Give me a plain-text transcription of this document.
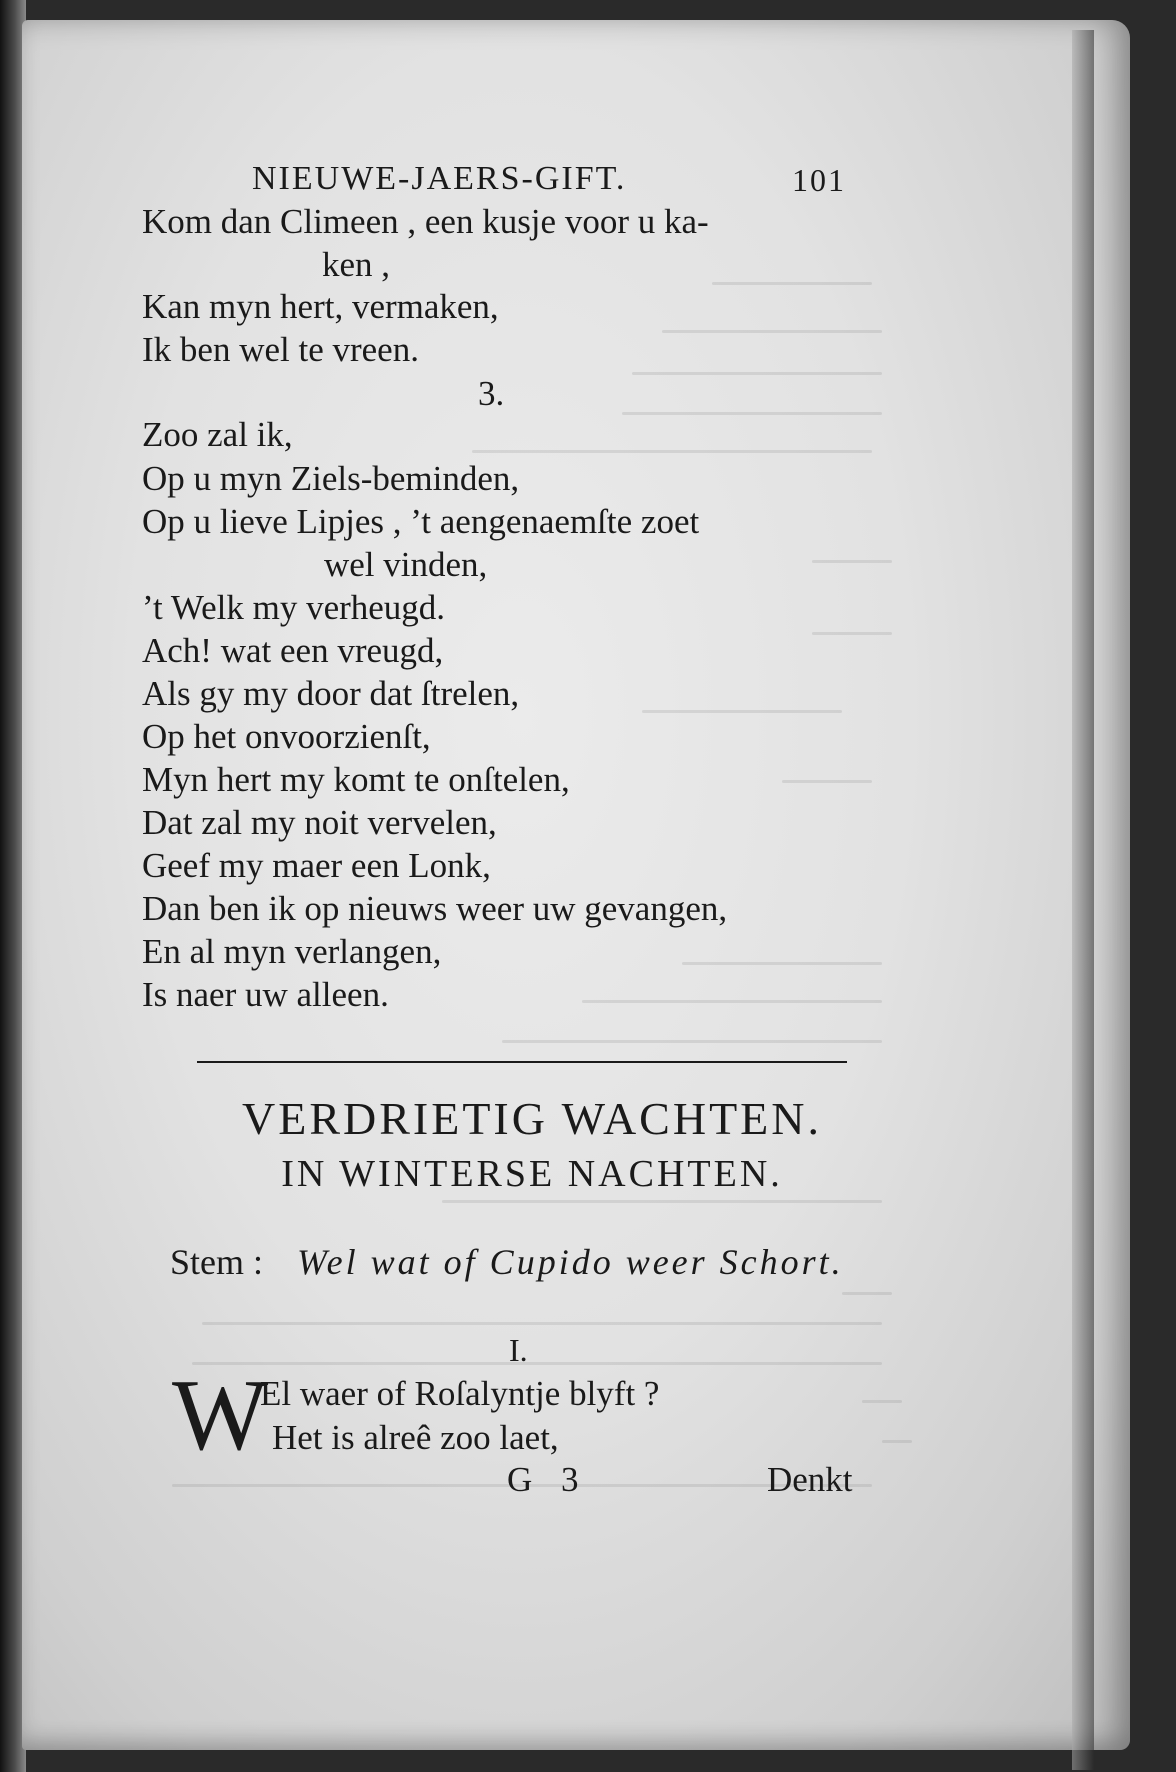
NIEUWE-JAERS-GIFT.	101

Kom dan Climeen , een kusje voor u ka-

ken ,

Kan myn hert, vermaken,

Ik ben wel te vreen.

3.

Zoo zal ik,

Op u myn Ziels-beminden,

Op u lieve Lipjes , ’t aengenaemſte zoet

wel vinden,

’t Welk my verheugd.

Ach! wat een vreugd,

Als gy my door dat ſtrelen,

Op het onvoorzienſt,

Myn hert my komt te onſtelen,

Dat zal my noit vervelen,

Geef my maer een Lonk,

Dan ben ik op nieuws weer uw gevangen,

En al myn verlangen,

Is naer uw alleen.

VERDRIETIG WACHTEN.

IN WINTERSE NACHTEN.

Stem : Wel wat of Cupido weer Schort.

I.

W

El waer of Roſalyntje blyft ?

Het is alreê zoo laet,

G 3	Denkt
